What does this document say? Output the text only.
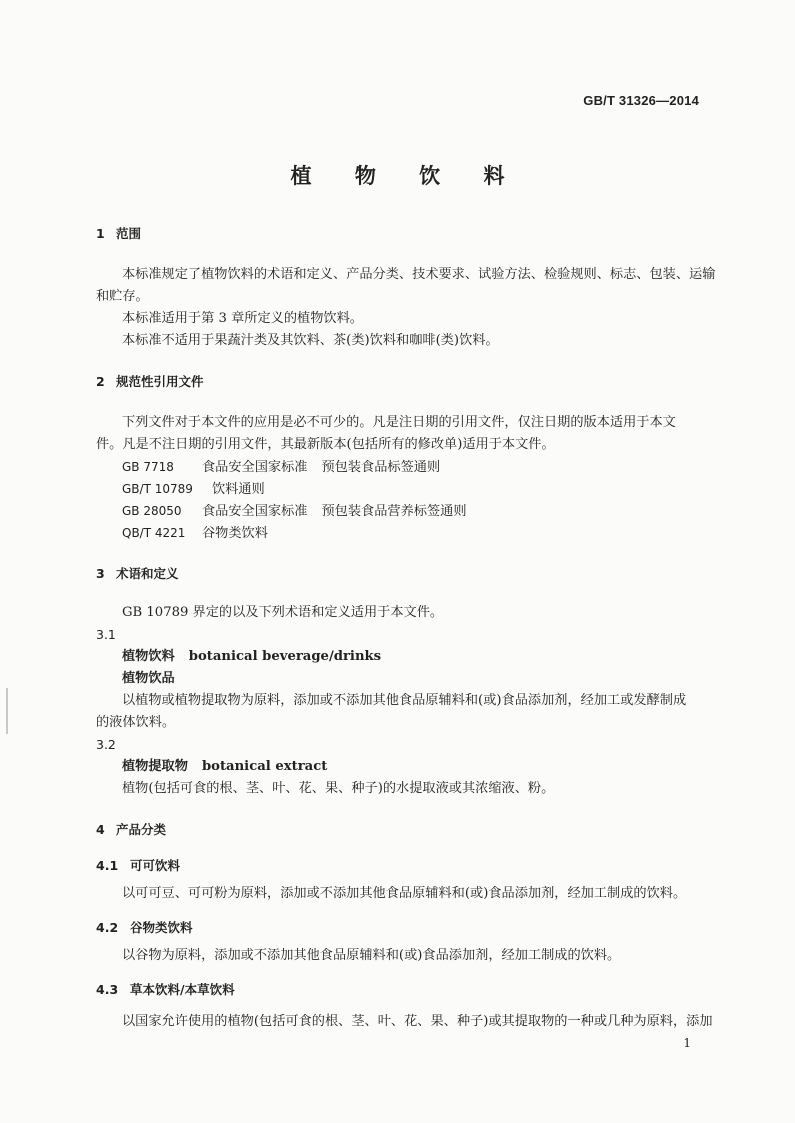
GB/T 31326—2014
植 物 饮 料
1 范围
本标准规定了植物饮料的术语和定义、产品分类、技术要求、试验方法、检验规则、标志、包装、运输
和贮存。
本标准适用于第 3 章所定义的植物饮料。
本标准不适用于果蔬汁类及其饮料、茶(类)饮料和咖啡(类)饮料。
2 规范性引用文件
下列文件对于本文件的应用是必不可少的。凡是注日期的引用文件，仅注日期的版本适用于本文
件。凡是不注日期的引用文件，其最新版本(包括所有的修改单)适用于本文件。
GB 7718 食品安全国家标准 预包装食品标签通则
GB/T 10789 饮料通则
GB 28050 食品安全国家标准 预包装食品营养标签通则
QB/T 4221 谷物类饮料
3 术语和定义
GB 10789 界定的以及下列术语和定义适用于本文件。
3.1
植物饮料 botanical beverage/drinks
植物饮品
以植物或植物提取物为原料，添加或不添加其他食品原辅料和(或)食品添加剂，经加工或发酵制成
的液体饮料。
3.2
植物提取物 botanical extract
植物(包括可食的根、茎、叶、花、果、种子)的水提取液或其浓缩液、粉。
4 产品分类
4.1 可可饮料
以可可豆、可可粉为原料，添加或不添加其他食品原辅料和(或)食品添加剂，经加工制成的饮料。
4.2 谷物类饮料
以谷物为原料，添加或不添加其他食品原辅料和(或)食品添加剂，经加工制成的饮料。
4.3 草本饮料/本草饮料
以国家允许使用的植物(包括可食的根、茎、叶、花、果、种子)或其提取物的一种或几种为原料，添加
1
